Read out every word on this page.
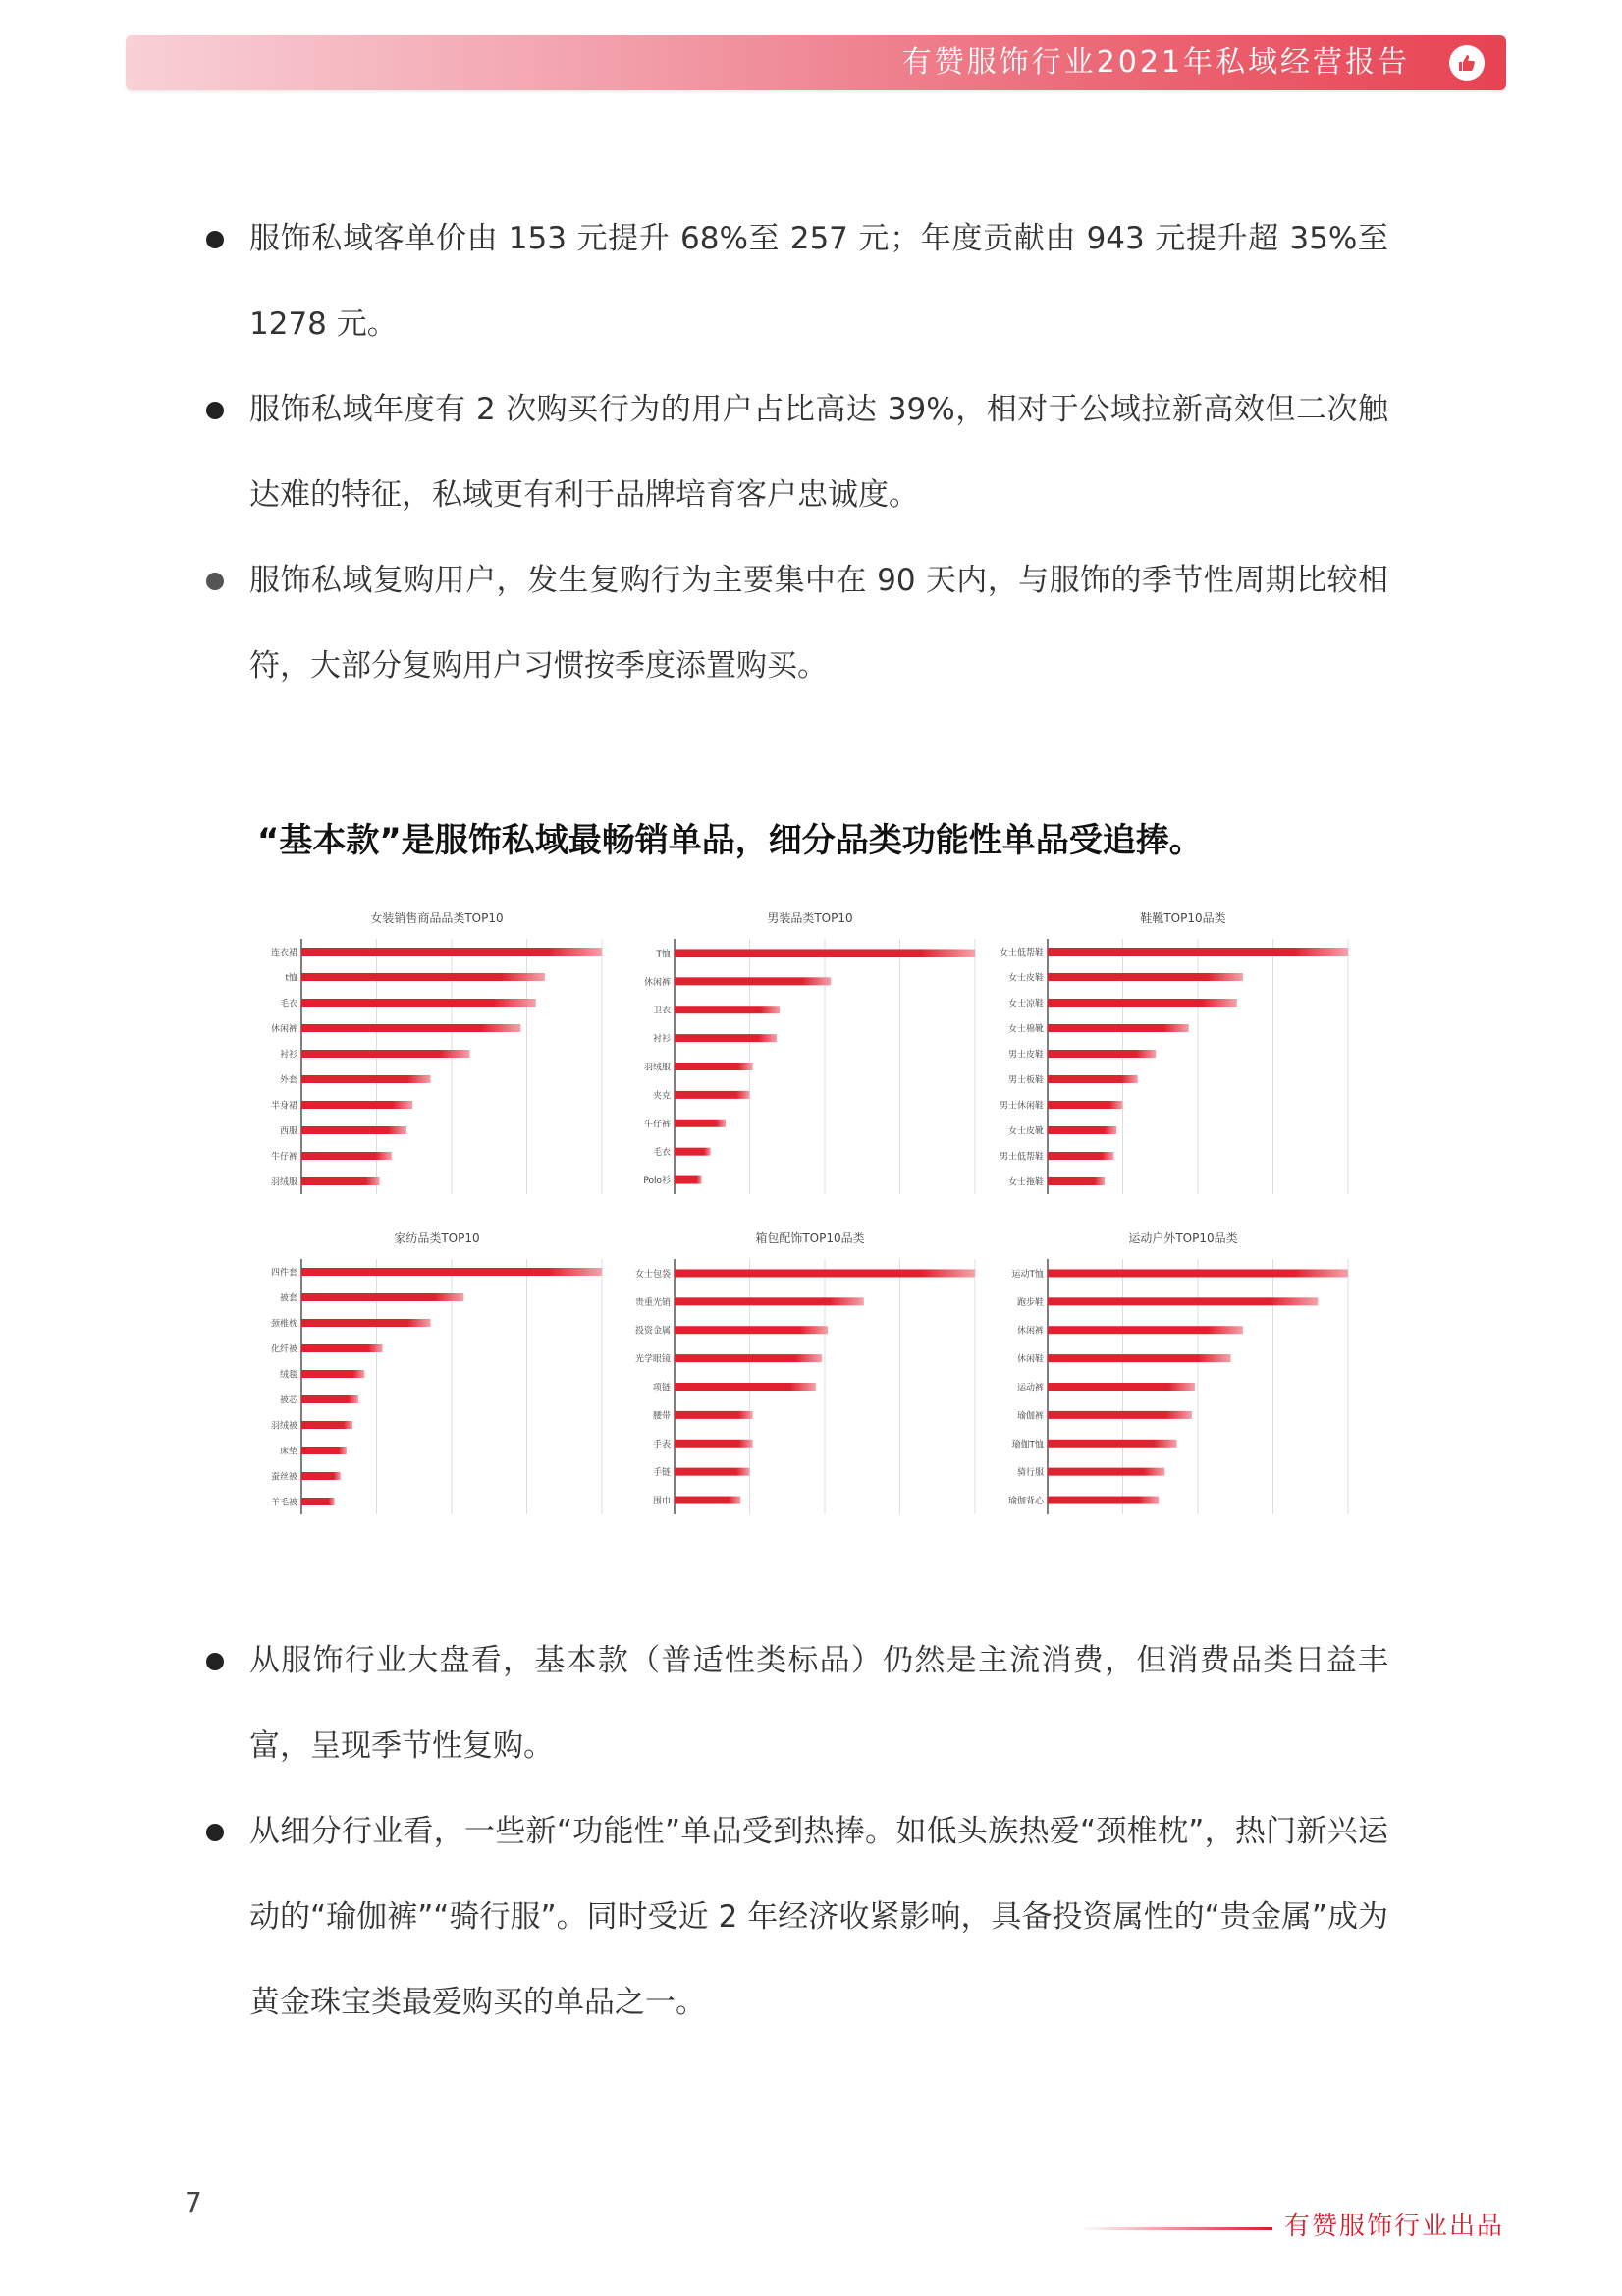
有赞服饰行业2021年私域经营报告
服饰私域客单价由 153 元提升 68%至 257 元；年度贡献由 943 元提升超 35%至 1278 元。
服饰私域年度有 2 次购买行为的用户占比高达 39%，相对于公域拉新高效但二次触达难的特征，私域更有利于品牌培育客户忠诚度。
服饰私域复购用户，发生复购行为主要集中在 90 天内，与服饰的季节性周期比较相符，大部分复购用户习惯按季度添置购买。
“基本款”是服饰私域最畅销单品，细分品类功能性单品受追捧。
女装销售商品品类TOP10
连衣裙
t恤
毛衣
休闲裤
衬衫
外套
半身裙
西服
牛仔裤
羽绒服
男装品类TOP10
T恤
休闲裤
卫衣
衬衫
羽绒服
夹克
牛仔裤
毛衣
Polo衫
鞋靴TOP10品类
女士低帮鞋
女士皮鞋
女士凉鞋
女士棉靴
男士皮鞋
男士板鞋
男士休闲鞋
女士皮靴
男士低帮鞋
女士拖鞋
家纺品类TOP10
四件套
被套
颈椎枕
化纤被
绒毯
被芯
羽绒被
床垫
蚕丝被
羊毛被
箱包配饰TOP10品类
女士包袋
贵重光销
投资金属
光学眼镜
项链
腰带
手表
手链
围巾
运动户外TOP10品类
运动T恤
跑步鞋
休闲裤
休闲鞋
运动裤
瑜伽裤
瑜伽T恤
骑行服
瑜伽背心
从服饰行业大盘看，基本款（普适性类标品）仍然是主流消费，但消费品类日益丰富，呈现季节性复购。
从细分行业看，一些新“功能性”单品受到热捧。如低头族热爱“颈椎枕”，热门新兴运动的“瑜伽裤”“骑行服”。同时受近 2 年经济收紧影响，具备投资属性的“贵金属”成为黄金珠宝类最爱购买的单品之一。
7
有赞服饰行业出品
